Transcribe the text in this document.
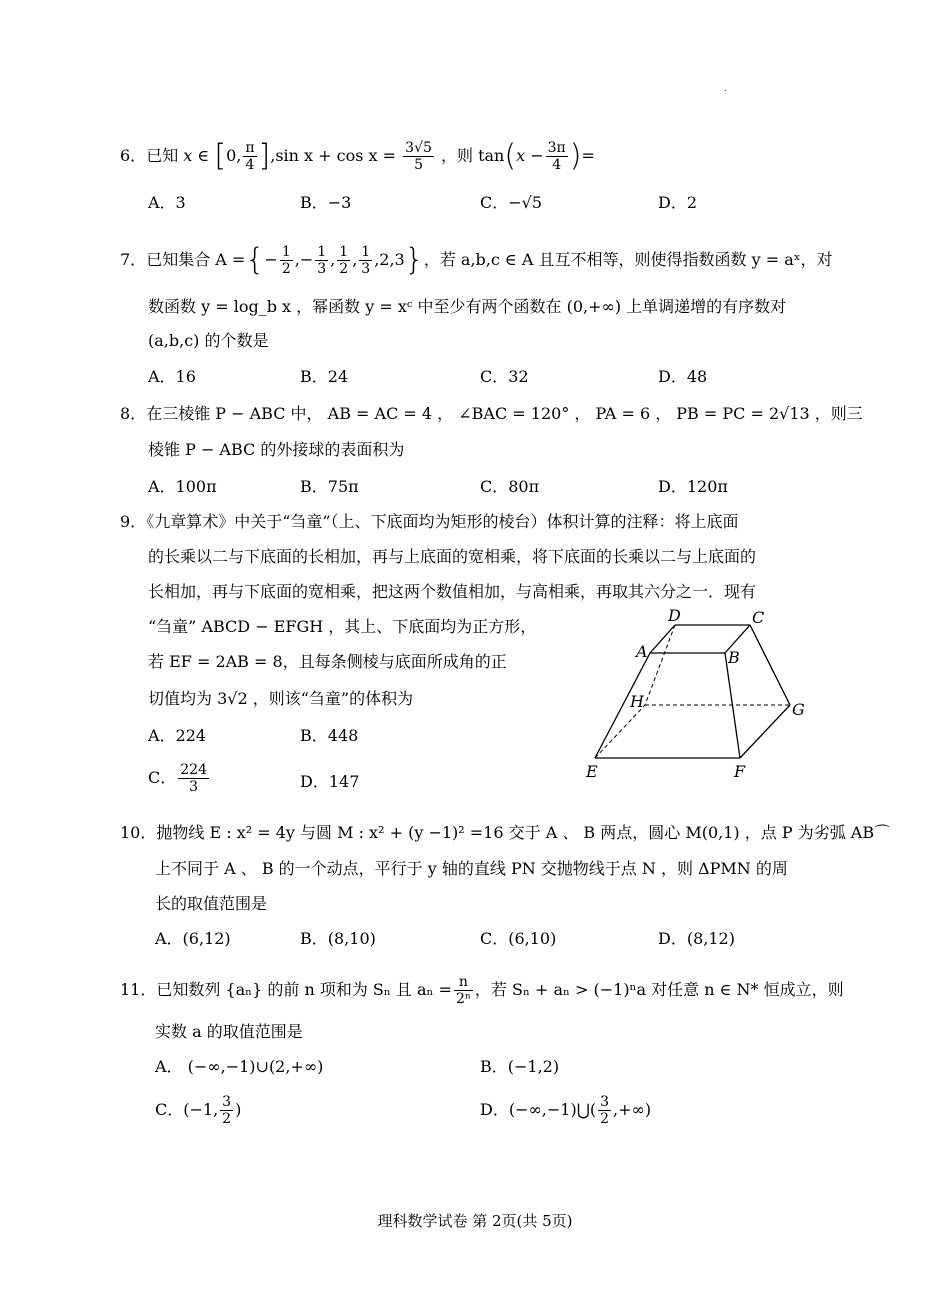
.
6．已知 x ∈ [0, $\frac{\pi}{4} ],\sin$ $x + \cos x = \frac{3√5}{5}$ ，则 $\tan(x - \frac{3\pi}{4}$ )=
A．3	B．−3	C．−√5	D．2
7．已知集合 A ={− $\frac{1}{2}$ ,− $\frac{1}{3}$ , $\frac{1}{2}$ , $\frac{1}{3} ,2,3$}，若 a,b,c ∈ A 且互不相等，则使得指数函数 y = aˣ，对
数函数 y = log_b x ，幂函数 y = xᶜ 中至少有两个函数在 (0,+∞) 上单调递增的有序数对
(a,b,c) 的个数是
A．16	B．24	C．32	D．48
8．在三棱锥 P − ABC 中， AB = AC = 4 ， ∠BAC = 120° ， PA = 6 ， PB = PC = 2√13 ，则三
棱锥 P − ABC 的外接球的表面积为
A．100π	B．75π	C．80π	D．120π
9．《九章算术》中关于“刍童”（上、下底面均为矩形的棱台）体积计算的注释：将上底面
的长乘以二与下底面的长相加，再与上底面的宽相乘，将下底面的长乘以二与上底面的
长相加，再与下底面的宽相乘，把这两个数值相加，与高相乘，再取其六分之一．现有
“刍童” ABCD − EFGH ，其上、下底面均为正方形，
若 EF = 2AB = 8，且每条侧棱与底面所成角的正
切值均为 3√2 ，则该“刍童”的体积为
A．224	B．448
C． $\frac{224}{3}$	D．147
D	C
A	B
H	G
E	F
10．抛物线 E : x² = 4y 与圆 M : x² + (y −1)² =16 交于 A 、 B 两点，圆心 M(0,1) ，点 P 为劣弧 AB⌒
上不同于 A 、 B 的一个动点，平行于 y 轴的直线 PN 交抛物线于点 N ，则 ΔPMN 的周
长的取值范围是
A．(6,12)	B．(8,10)	C．(6,10)	D．(8,12)
11．已知数列 {aₙ} 的前 n 项和为 Sₙ 且 $a_n = \frac{n}{\text{2ⁿ}}$ ，若 Sₙ + aₙ > (−1)ⁿa 对任意 n ∈ N* 恒成立，则
实数 a 的取值范围是
A． (−∞,−1)∪(2,+∞)	B．(−1,2)
C．(−1, $\frac{3}{2}$ )	D．(−∞,−1)⋃( $\frac{3}{2}$ ,+∞)
理科数学试卷 第 2页(共 5页)
